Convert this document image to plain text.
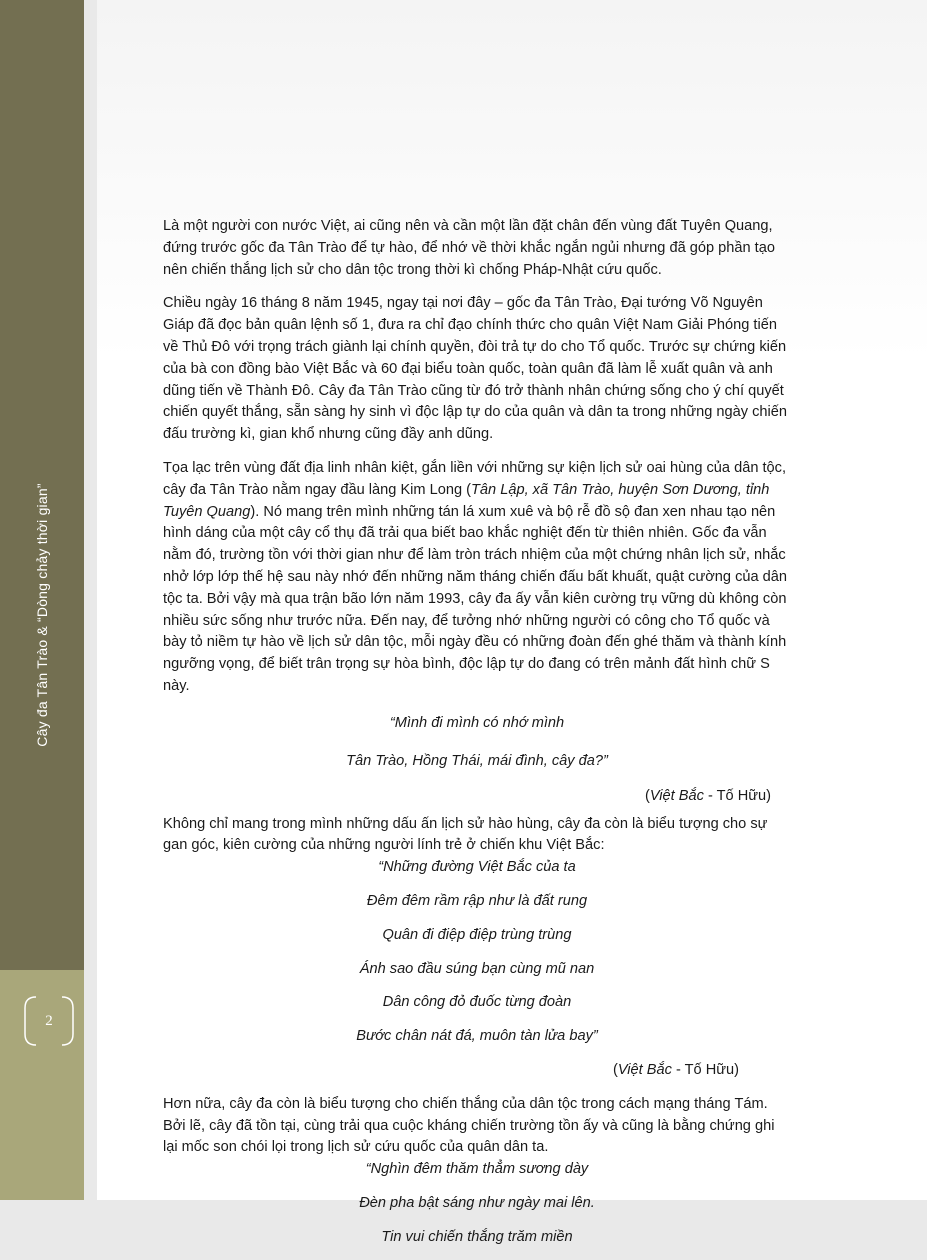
Cây đa Tân Trào & “Dòng chảy thời gian”
2

Là một người con nước Việt, ai cũng nên và cần một lần đặt chân đến vùng đất Tuyên Quang, đứng trước gốc đa Tân Trào để tự hào, để nhớ về thời khắc ngắn ngủi nhưng đã góp phần tạo nên chiến thắng lịch sử cho dân tộc trong thời kì chống Pháp-Nhật cứu quốc.

Chiều ngày 16 tháng 8 năm 1945, ngay tại nơi đây – gốc đa Tân Trào, Đại tướng Võ Nguyên Giáp đã đọc bản quân lệnh số 1, đưa ra chỉ đạo chính thức cho quân Việt Nam Giải Phóng tiến về Thủ Đô với trọng trách giành lại chính quyền, đòi trả tự do cho Tổ quốc. Trước sự chứng kiến của bà con đồng bào Việt Bắc và 60 đại biểu toàn quốc, toàn quân đã làm lễ xuất quân và anh dũng tiến về Thành Đô. Cây đa Tân Trào cũng từ đó trở thành nhân chứng sống cho ý chí quyết chiến quyết thắng, sẵn sàng hy sinh vì độc lập tự do của quân và dân ta trong những ngày chiến đấu trường kì, gian khổ nhưng cũng đầy anh dũng.

Tọa lạc trên vùng đất địa linh nhân kiệt, gắn liền với những sự kiện lịch sử oai hùng của dân tộc, cây đa Tân Trào nằm ngay đầu làng Kim Long (Tân Lập, xã Tân Trào, huyện Sơn Dương, tỉnh Tuyên Quang). Nó mang trên mình những tán lá xum xuê và bộ rễ đồ sộ đan xen nhau tạo nên hình dáng của một cây cổ thụ đã trải qua biết bao khắc nghiệt đến từ thiên nhiên. Gốc đa vẫn nằm đó, trường tồn với thời gian như để làm tròn trách nhiệm của một chứng nhân lịch sử, nhắc nhở lớp lớp thế hệ sau này nhớ đến những năm tháng chiến đấu bất khuất, quật cường của dân tộc ta. Bởi vậy mà qua trận bão lớn năm 1993, cây đa ấy vẫn kiên cường trụ vững dù không còn nhiều sức sống như trước nữa. Đến nay, để tưởng nhớ những người có công cho Tổ quốc và bày tỏ niềm tự hào về lịch sử dân tộc, mỗi ngày đều có những đoàn đến ghé thăm và thành kính ngưỡng vọng, để biết trân trọng sự hòa bình, độc lập tự do đang có trên mảnh đất hình chữ S này.

“Mình đi mình có nhớ mình

Tân Trào, Hồng Thái, mái đình, cây đa?”

(Việt Bắc - Tố Hữu)

Không chỉ mang trong mình những dấu ấn lịch sử hào hùng, cây đa còn là biểu tượng cho sự gan góc, kiên cường của những người lính trẻ ở chiến khu Việt Bắc:

“Những đường Việt Bắc của ta

Đêm đêm rầm rập như là đất rung

Quân đi điệp điệp trùng trùng

Ánh sao đầu súng bạn cùng mũ nan

Dân công đỏ đuốc từng đoàn

Bước chân nát đá, muôn tàn lửa bay”

(Việt Bắc - Tố Hữu)

Hơn nữa, cây đa còn là biểu tượng cho chiến thắng của dân tộc trong cách mạng tháng Tám. Bởi lẽ, cây đã tồn tại, cùng trải qua cuộc kháng chiến trường tồn ấy và cũng là bằng chứng ghi lại mốc son chói lọi trong lịch sử cứu quốc của quân dân ta.

“Nghìn đêm thăm thẳm sương dày

Đèn pha bật sáng như ngày mai lên.

Tin vui chiến thắng trăm miền
